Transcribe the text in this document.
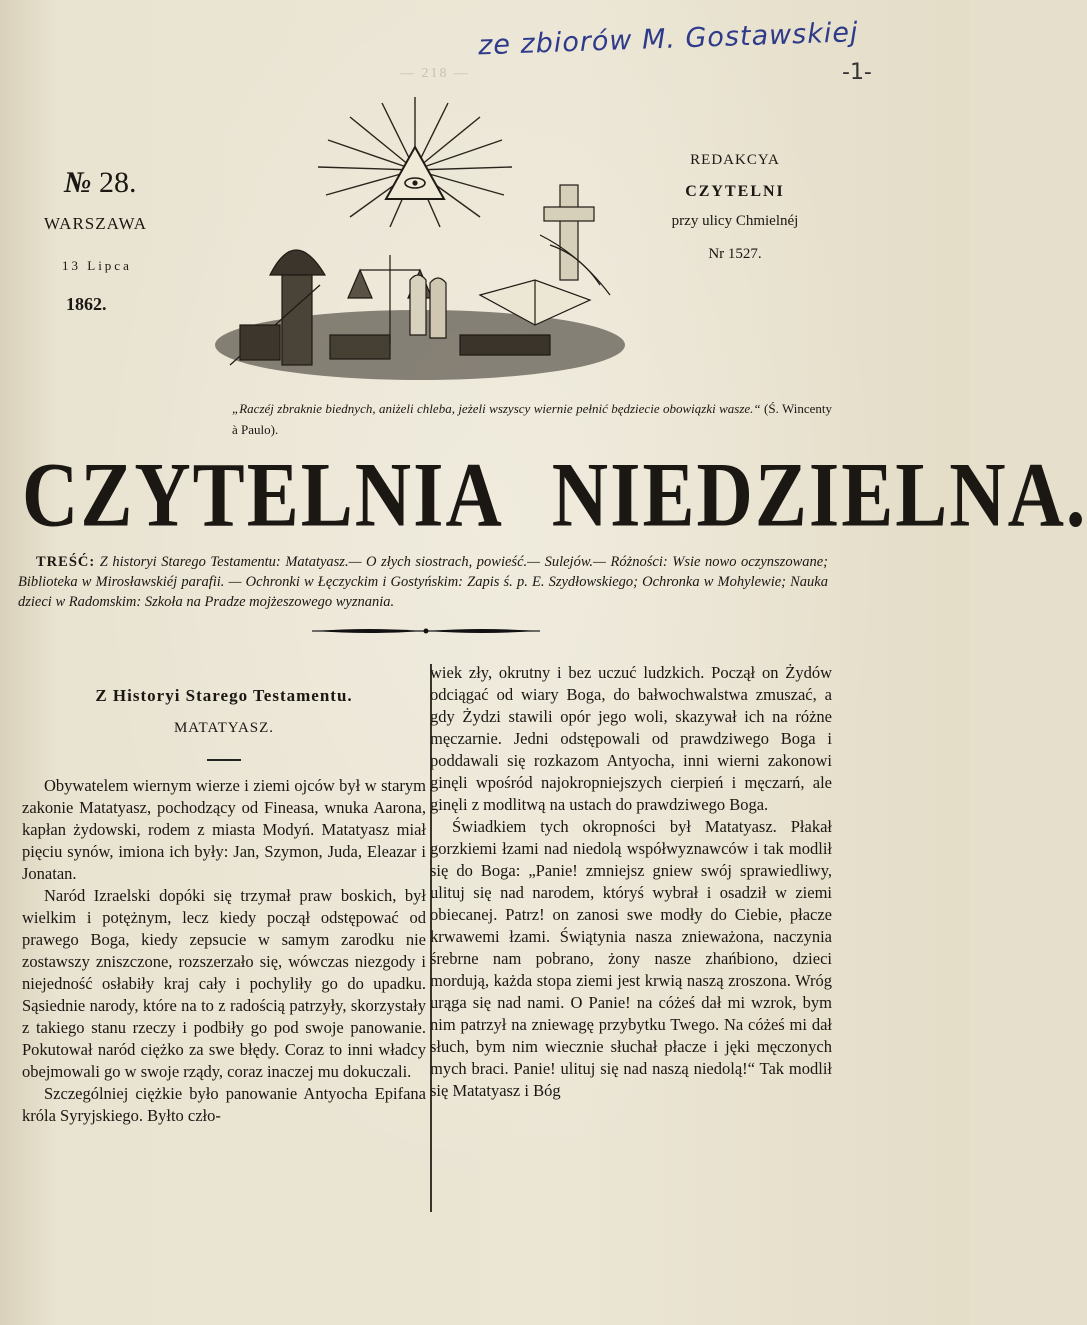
ze zbiorów M. Gostawskiej
-1-
— 218 —
№ 28.
WARSZAWA
13 Lipca
1862.
REDAKCYA
CZYTELNI
przy ulicy Chmielnéj
Nr 1527.
„Raczéj zbraknie biednych, aniżeli chleba, jeżeli wszyscy wiernie pełnić będziecie obowiązki wasze.“ (Ś. Wincenty à Paulo).
CZYTELNIA NIEDZIELNA.
TREŚĆ: Z historyi Starego Testamentu: Matatyasz.— O złych siostrach, powieść.— Sulejów.— Różności: Wsie nowo oczynszowane; Biblioteka w Mirosławskiéj parafii. — Ochronki w Łęczyckim i Gostyńskim: Zapis ś. p. E. Szydłowskiego; Ochronka w Mohylewie; Nauka dzieci w Radomskim: Szkoła na Pradze mojżeszowego wyznania.
Z Historyi Starego Testamentu.
MATATYASZ.

Obywatelem wiernym wierze i ziemi ojców był w starym zakonie Matatyasz, pochodzący od Fineasa, wnuka Aarona, kapłan żydowski, rodem z miasta Modyń. Matatyasz miał pięciu synów, imiona ich były: Jan, Szymon, Juda, Eleazar i Jonatan.

Naród Izraelski dopóki się trzymał praw boskich, był wielkim i potężnym, lecz kiedy począł odstępować od prawego Boga, kiedy zepsucie w samym zarodku nie zostawszy zniszczone, rozszerzało się, wówczas niezgody i niejedność osłabiły kraj cały i pochyliły go do upadku. Sąsiednie narody, które na to z radością patrzyły, skorzystały z takiego stanu rzeczy i podbiły go pod swoje panowanie. Pokutował naród ciężko za swe błędy. Coraz to inni władcy obejmowali go w swoje rządy, coraz inaczej mu dokuczali.

Szczególniej ciężkie było panowanie Antyocha Epifana króla Syryjskiego. Byłto czło-

wiek zły, okrutny i bez uczuć ludzkich. Począł on Żydów odciągać od wiary Boga, do bałwochwalstwa zmuszać, a gdy Żydzi stawili opór jego woli, skazywał ich na różne męczarnie. Jedni odstępowali od prawdziwego Boga i poddawali się rozkazom Antyocha, inni wierni zakonowi ginęli wpośród najokropniejszych cierpień i męczarń, ale ginęli z modlitwą na ustach do prawdziwego Boga.

Świadkiem tych okropności był Matatyasz. Płakał gorzkiemi łzami nad niedolą współwyznawców i tak modlił się do Boga: „Panie! zmniejsz gniew swój sprawiedliwy, ulituj się nad narodem, któryś wybrał i osadził w ziemi obiecanej. Patrz! on zanosi swe modły do Ciebie, płacze krwawemi łzami. Świątynia nasza znieważona, naczynia śrebrne nam pobrano, żony nasze zhańbiono, dzieci mordują, każda stopa ziemi jest krwią naszą zroszona. Wróg urąga się nad nami. O Panie! na cóżeś dał mi wzrok, bym nim patrzył na zniewagę przybytku Twego. Na cóżeś mi dał słuch, bym nim wiecznie słuchał płacze i jęki męczonych mych braci. Panie! ulituj się nad naszą niedolą!“ Tak modlił się Matatyasz i Bóg
